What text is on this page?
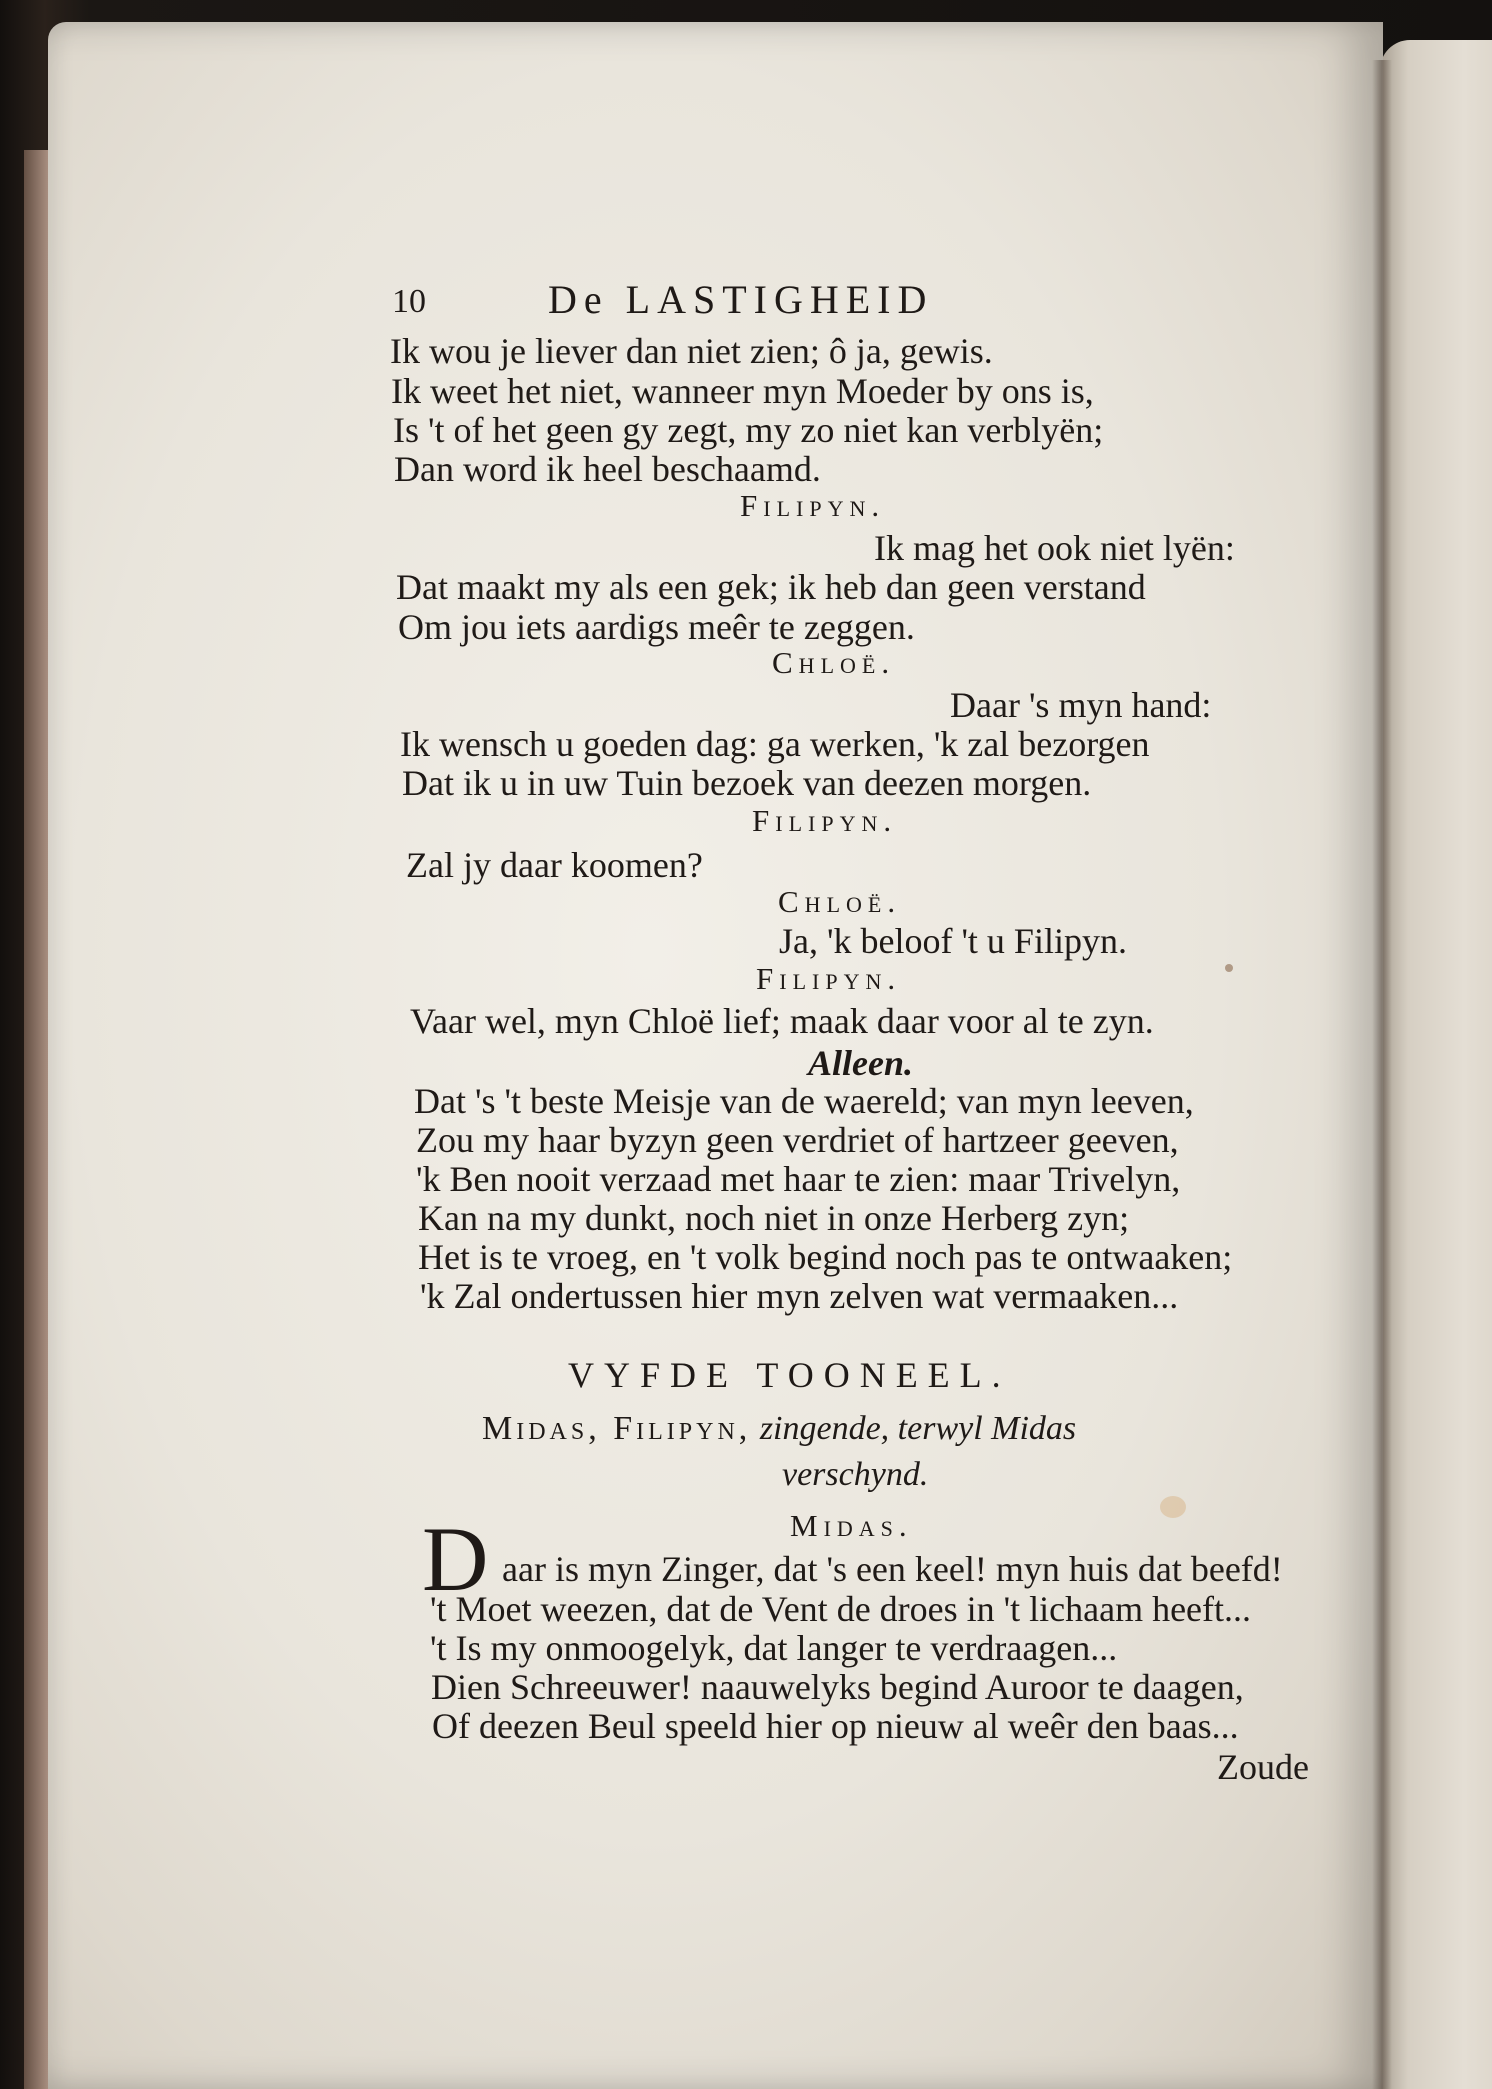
10	De LASTIGHEID
Ik wou je liever dan niet zien; ô ja, gewis.
Ik weet het niet, wanneer myn Moeder by ons is,
Is 't of het geen gy zegt, my zo niet kan verblyën;
Dan word ik heel beschaamd.
Filipyn.
Ik mag het ook niet lyën:
Dat maakt my als een gek; ik heb dan geen verstand
Om jou iets aardigs meêr te zeggen.
Chloë.
Daar 's myn hand:
Ik wensch u goeden dag: ga werken, 'k zal bezorgen
Dat ik u in uw Tuin bezoek van deezen morgen.
Filipyn.
Zal jy daar koomen?
Chloë.
Ja, 'k beloof 't u Filipyn.
Filipyn.
Vaar wel, myn Chloë lief; maak daar voor al te zyn.
Alleen.
Dat 's 't beste Meisje van de waereld; van myn leeven,
Zou my haar byzyn geen verdriet of hartzeer geeven,
'k Ben nooit verzaad met haar te zien: maar Trivelyn,
Kan na my dunkt, noch niet in onze Herberg zyn;
Het is te vroeg, en 't volk begind noch pas te ontwaaken;
'k Zal ondertussen hier myn zelven wat vermaaken...
VYFDE TOONEEL.
Midas, Filipyn, zingende, terwyl Midas
verschynd.
Midas.
D aar is myn Zinger, dat 's een keel! myn huis dat beefd!
't Moet weezen, dat de Vent de droes in 't lichaam heeft...
't Is my onmoogelyk, dat langer te verdraagen...
Dien Schreeuwer! naauwelyks begind Auroor te daagen,
Of deezen Beul speeld hier op nieuw al weêr den baas...
Zoude
